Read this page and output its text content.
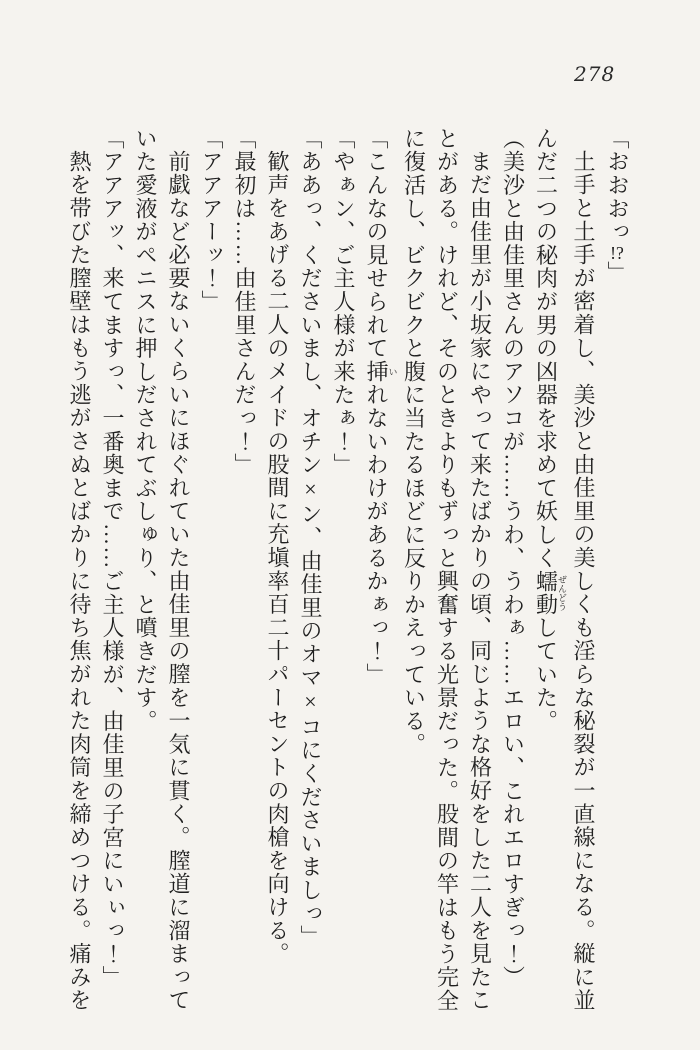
278

「おおおっ!?」

土手と土手が密着し、美沙と由佳里の美しくも淫らな秘裂が一直線になる。縦に並

んだ二つの秘肉が男の凶器を求めて妖しく蠕動ぜんどうしていた。

（美沙と由佳里さんのアソコが……うわ、うわぁ……エロい、これエロすぎっ！）

まだ由佳里が小坂家にやって来たばかりの頃、同じような格好をした二人を見たこ

とがある。けれど、そのときよりもずっと興奮する光景だった。股間の竿はもう完全

に復活し、ビクビクと腹に当たるほどに反りかえっている。

「こんなの見せられて挿いれないわけがあるかぁっ！」

「やぁン、ご主人様が来たぁ！」

「ああっ、くださいまし、オチン×ン、由佳里のオマ×コにくださいましっ」

歓声をあげる二人のメイドの股間に充塡率百二十パーセントの肉槍を向ける。

「最初は……由佳里さんだっ！」

「アアアーッ！」

前戯など必要ないくらいにほぐれていた由佳里の膣を一気に貫く。膣道に溜まって

いた愛液がペニスに押しだされてぶしゅり、と噴きだす。

「アアアッ、来てますっ、一番奥まで……ご主人様が、由佳里の子宮にいぃっ！」

熱を帯びた膣壁はもう逃がさぬとばかりに待ち焦がれた肉筒を締めつける。痛みを
